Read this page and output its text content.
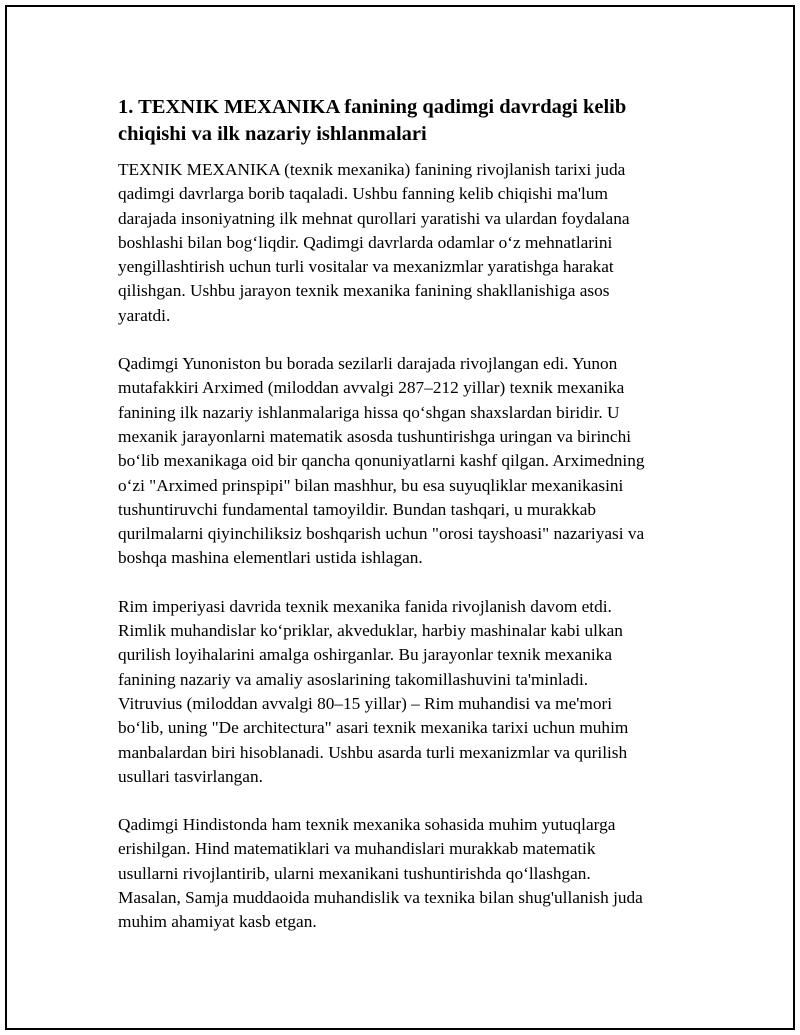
1. TEXNIK MEXANIKA fanining qadimgi davrdagi kelib chiqishi va ilk nazariy ishlanmalari

TEXNIK MEXANIKA (texnik mexanika) fanining rivojlanish tarixi juda
qadimgi davrlarga borib taqaladi. Ushbu fanning kelib chiqishi ma'lum
darajada insoniyatning ilk mehnat qurollari yaratishi va ulardan foydalana
boshlashi bilan bog‘liqdir. Qadimgi davrlarda odamlar o‘z mehnatlarini
yengillashtirish uchun turli vositalar va mexanizmlar yaratishga harakat
qilishgan. Ushbu jarayon texnik mexanika fanining shakllanishiga asos
yaratdi.

Qadimgi Yunoniston bu borada sezilarli darajada rivojlangan edi. Yunon
mutafakkiri Arximed (miloddan avvalgi 287–212 yillar) texnik mexanika
fanining ilk nazariy ishlanmalariga hissa qo‘shgan shaxslardan biridir. U
mexanik jarayonlarni matematik asosda tushuntirishga uringan va birinchi
bo‘lib mexanikaga oid bir qancha qonuniyatlarni kashf qilgan. Arximedning
o‘zi "Arximed prinspipi" bilan mashhur, bu esa suyuqliklar mexanikasini
tushuntiruvchi fundamental tamoyildir. Bundan tashqari, u murakkab
qurilmalarni qiyinchiliksiz boshqarish uchun "orosi tayshoasi" nazariyasi va
boshqa mashina elementlari ustida ishlagan.

Rim imperiyasi davrida texnik mexanika fanida rivojlanish davom etdi.
Rimlik muhandislar ko‘priklar, akveduklar, harbiy mashinalar kabi ulkan
qurilish loyihalarini amalga oshirganlar. Bu jarayonlar texnik mexanika
fanining nazariy va amaliy asoslarining takomillashuvini ta'minladi.
Vitruvius (miloddan avvalgi 80–15 yillar) – Rim muhandisi va me'mori
bo‘lib, uning "De architectura" asari texnik mexanika tarixi uchun muhim
manbalardan biri hisoblanadi. Ushbu asarda turli mexanizmlar va qurilish
usullari tasvirlangan.

Qadimgi Hindistonda ham texnik mexanika sohasida muhim yutuqlarga
erishilgan. Hind matematiklari va muhandislari murakkab matematik
usullarni rivojlantirib, ularni mexanikani tushuntirishda qo‘llashgan.
Masalan, Samja muddaoida muhandislik va texnika bilan shug'ullanish juda
muhim ahamiyat kasb etgan.
